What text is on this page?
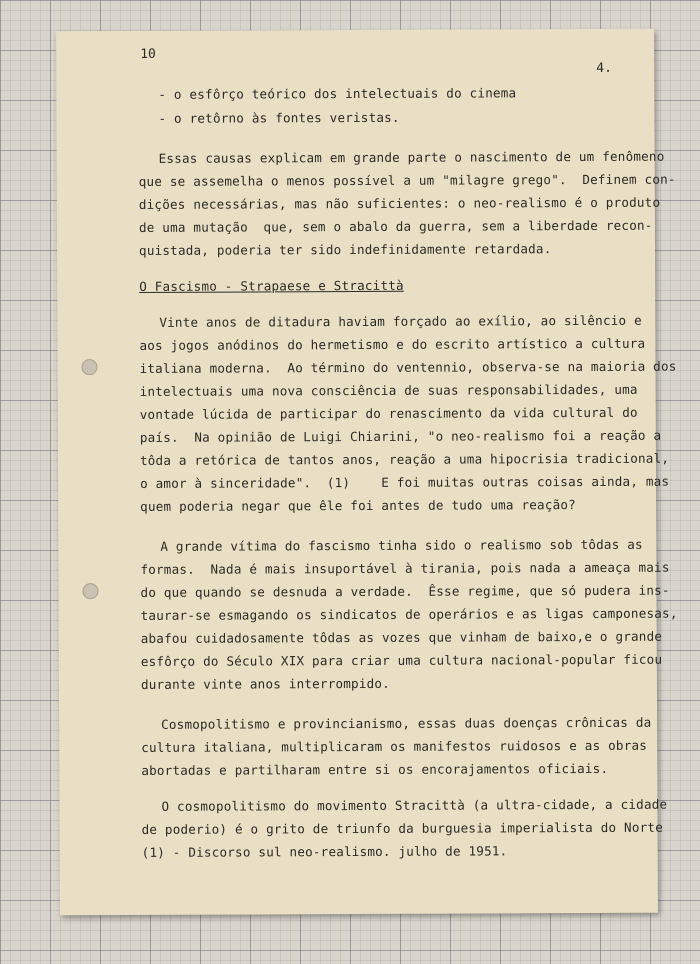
10
4.
- o esfôrço teórico dos intelectuais do cinema
- o retôrno às fontes veristas.
Essas causas explicam em grande parte o nascimento de um fenômeno
que se assemelha o menos possível a um "milagre grego".  Definem con-
dições necessárias, mas não suficientes: o neo-realismo é o produto
de uma mutação  que, sem o abalo da guerra, sem a liberdade recon-
quistada, poderia ter sido indefinidamente retardada.
O Fascismo - Strapaese e Stracittà
Vinte anos de ditadura haviam forçado ao exílio, ao silêncio e
aos jogos anódinos do hermetismo e do escrito artístico a cultura
italiana moderna.  Ao término do ventennio, observa-se na maioria dos
intelectuais uma nova consciência de suas responsabilidades, uma
vontade lúcida de participar do renascimento da vida cultural do
país.  Na opinião de Luigi Chiarini, "o neo-realismo foi a reação a
tôda a retórica de tantos anos, reação a uma hipocrisia tradicional,
o amor à sinceridade".  (1)    E foi muitas outras coisas ainda, mas
quem poderia negar que êle foi antes de tudo uma reação?
A grande vítima do fascismo tinha sido o realismo sob tôdas as
formas.  Nada é mais insuportável à tirania, pois nada a ameaça mais
do que quando se desnuda a verdade.  Êsse regime, que só pudera ins-
taurar-se esmagando os sindicatos de operários e as ligas camponesas,
abafou cuidadosamente tôdas as vozes que vinham de baixo,e o grande
esfôrço do Século XIX para criar uma cultura nacional-popular ficou
durante vinte anos interrompido.
Cosmopolitismo e provincianismo, essas duas doenças crônicas da
cultura italiana, multiplicaram os manifestos ruidosos e as obras
abortadas e partilharam entre si os encorajamentos oficiais.
O cosmopolitismo do movimento Stracittà (a ultra-cidade, a cidade
de poderio) é o grito de triunfo da burguesia imperialista do Norte
(1) - Discorso sul neo-realismo. julho de 1951.
